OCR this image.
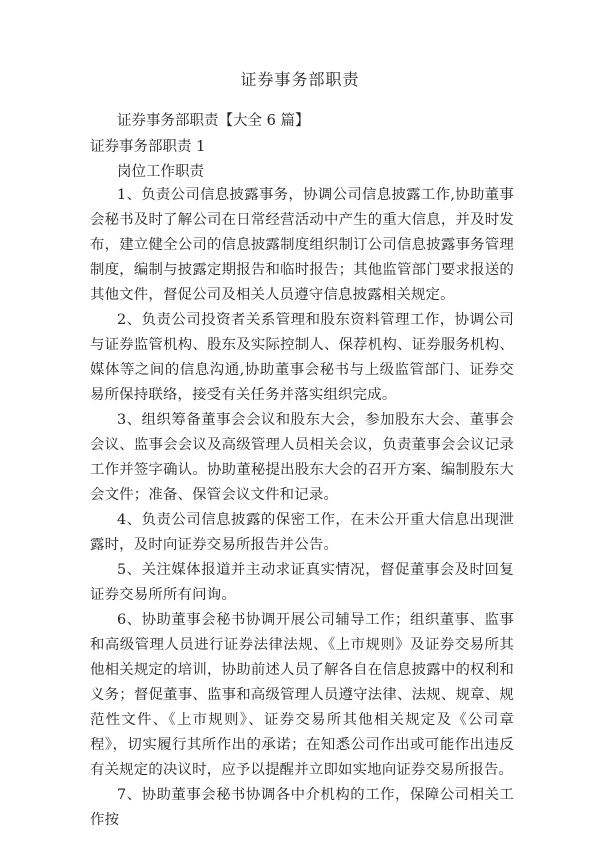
证券事务部职责

证券事务部职责【大全 6 篇】

证券事务部职责 1

岗位工作职责

1、负责公司信息披露事务，协调公司信息披露工作,协助董事会秘书及时了解公司在日常经营活动中产生的重大信息，并及时发布，建立健全公司的信息披露制度组织制订公司信息披露事务管理制度，编制与披露定期报告和临时报告；其他监管部门要求报送的其他文件，督促公司及相关人员遵守信息披露相关规定。

2、负责公司投资者关系管理和股东资料管理工作，协调公司与证券监管机构、股东及实际控制人、保荐机构、证券服务机构、媒体等之间的信息沟通,协助董事会秘书与上级监管部门、证券交易所保持联络，接受有关任务并落实组织完成。

3、组织筹备董事会会议和股东大会，参加股东大会、董事会会议、监事会会议及高级管理人员相关会议，负责董事会会议记录工作并签字确认。协助董秘提出股东大会的召开方案、编制股东大会文件；准备、保管会议文件和记录。

4、负责公司信息披露的保密工作，在未公开重大信息出现泄露时，及时向证券交易所报告并公告。

5、关注媒体报道并主动求证真实情况，督促董事会及时回复证券交易所所有问询。

6、协助董事会秘书协调开展公司辅导工作；组织董事、监事和高级管理人员进行证券法律法规、《上市规则》及证券交易所其他相关规定的培训，协助前述人员了解各自在信息披露中的权利和义务；督促董事、监事和高级管理人员遵守法律、法规、规章、规范性文件、《上市规则》、证券交易所其他相关规定及《公司章程》，切实履行其所作出的承诺；在知悉公司作出或可能作出违反有关规定的决议时，应予以提醒并立即如实地向证券交易所报告。

7、协助董事会秘书协调各中介机构的工作，保障公司相关工作按
